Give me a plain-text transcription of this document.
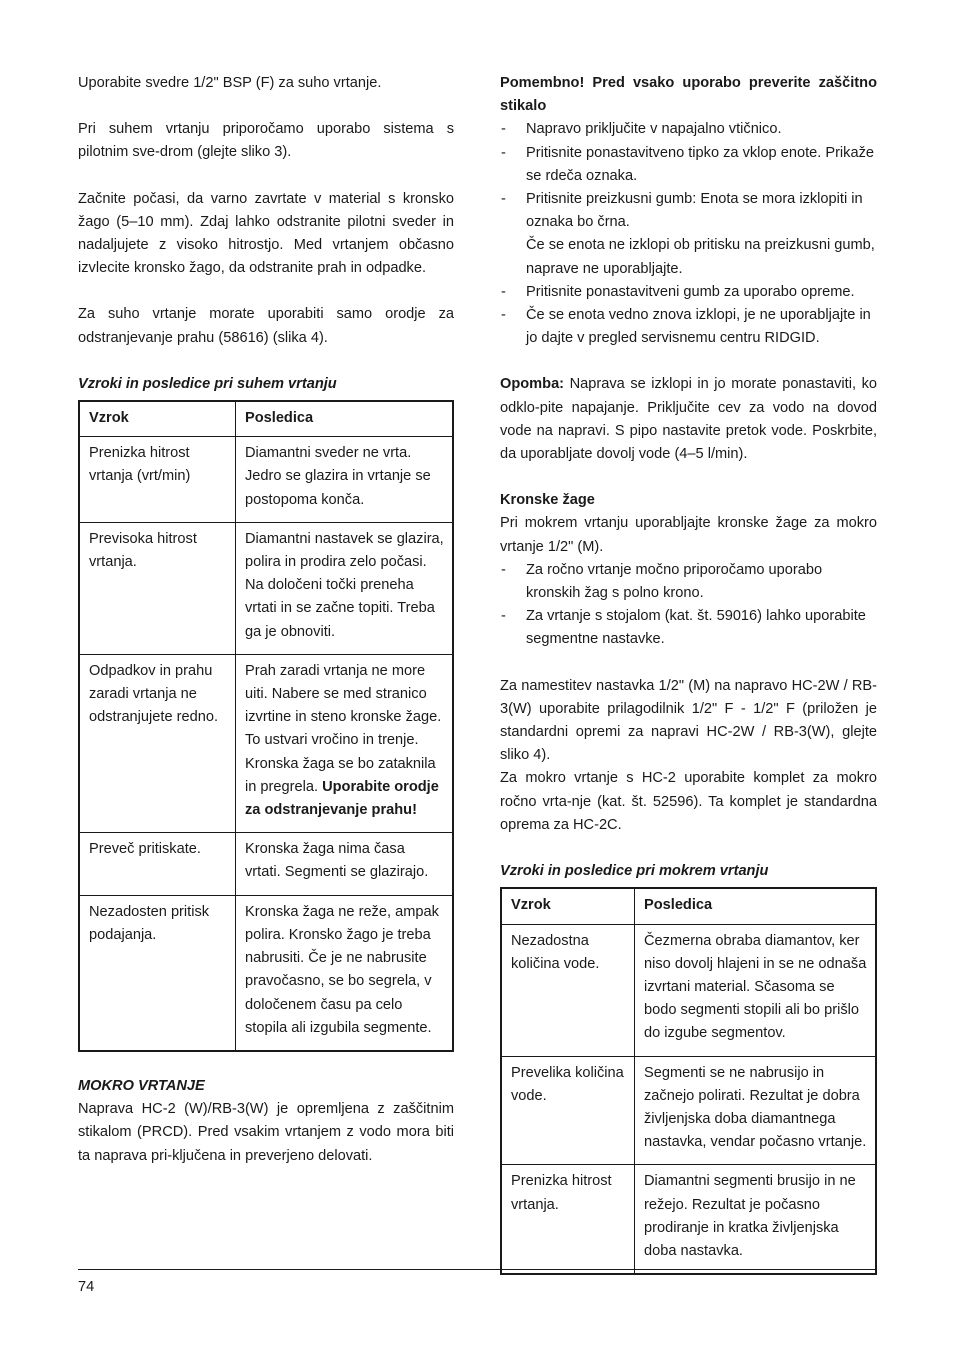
Uporabite svedre 1/2" BSP (F) za suho vrtanje.

Pri suhem vrtanju priporočamo uporabo sistema s pilotnim sve-drom (glejte sliko 3).

Začnite počasi, da varno zavrtate v material s kronsko žago (5–10 mm). Zdaj lahko odstranite pilotni sveder in nadaljujete z visoko hitrostjo. Med vrtanjem občasno izvlecite kronsko žago, da odstranite prah in odpadke.

Za suho vrtanje morate uporabiti samo orodje za odstranjevanje prahu (58616) (slika 4).

Vzroki in posledice pri suhem vrtanju

Vzrok	Posledica
Prenizka hitrost vrtanja (vrt/min)	Diamantni sveder ne vrta. Jedro se glazira in vrtanje se postopoma konča.
Previsoka hitrost vrtanja.	Diamantni nastavek se glazira, polira in prodira zelo počasi. Na določeni točki preneha vrtati in se začne topiti. Treba ga je obnoviti.
Odpadkov in prahu zaradi vrtanja ne odstranjujete redno.	Prah zaradi vrtanja ne more uiti. Nabere se med stranico izvrtine in steno kronske žage. To ustvari vročino in trenje. Kronska žaga se bo zataknila in pregrela. Uporabite orodje za odstranjevanje prahu!
Preveč pritiskate.	Kronska žaga nima časa vrtati. Segmenti se glazirajo.
Nezadosten pritisk podajanja.	Kronska žaga ne reže, ampak polira. Kronsko žago je treba nabrusiti. Če je ne nabrusite pravočasno, se bo segrela, v določenem času pa celo stopila ali izgubila segmente.

MOKRO VRTANJE

Naprava HC-2 (W)/RB-3(W) je opremljena z zaščitnim stikalom (PRCD). Pred vsakim vrtanjem z vodo mora biti ta naprava pri-ključena in preverjeno delovati.

Pomembno! Pred vsako uporabo preverite zaščitno stikalo

- Napravo priključite v napajalno vtičnico.
- Pritisnite ponastavitveno tipko za vklop enote. Prikaže se rdeča oznaka.
- Pritisnite preizkusni gumb: Enota se mora izklopiti in oznaka bo črna.
Če se enota ne izklopi ob pritisku na preizkusni gumb, naprave ne uporabljajte.
- Pritisnite ponastavitveni gumb za uporabo opreme.
- Če se enota vedno znova izklopi, je ne uporabljajte in jo dajte v pregled servisnemu centru RIDGID.

Opomba: Naprava se izklopi in jo morate ponastaviti, ko odklo-pite napajanje. Priključite cev za vodo na dovod vode na napravi. S pipo nastavite pretok vode. Poskrbite, da uporabljate dovolj vode (4–5 l/min).

Kronske žage

Pri mokrem vrtanju uporabljajte kronske žage za mokro vrtanje 1/2" (M).

- Za ročno vrtanje močno priporočamo uporabo kronskih žag s polno krono.
- Za vrtanje s stojalom (kat. št. 59016) lahko uporabite segmentne nastavke.

Za namestitev nastavka 1/2" (M) na napravo HC-2W / RB-3(W) uporabite prilagodilnik 1/2" F - 1/2" F (priložen je standardni opremi za napravi HC-2W / RB-3(W), glejte sliko 4).

Za mokro vrtanje s HC-2 uporabite komplet za mokro ročno vrta-nje (kat. št. 52596). Ta komplet je standardna oprema za HC-2C.

Vzroki in posledice pri mokrem vrtanju

Vzrok	Posledica
Nezadostna količina vode.	Čezmerna obraba diamantov, ker niso dovolj hlajeni in se ne odnaša izvrtani material. Sčasoma se bodo segmenti stopili ali bo prišlo do izgube segmentov.
Prevelika količina vode.	Segmenti se ne nabrusijo in začnejo polirati. Rezultat je dobra življenjska doba diamantnega nastavka, vendar počasno vrtanje.
Prenizka hitrost vrtanja.	Diamantni segmenti brusijo in ne režejo. Rezultat je počasno prodiranje in kratka življenjska doba nastavka.
74
